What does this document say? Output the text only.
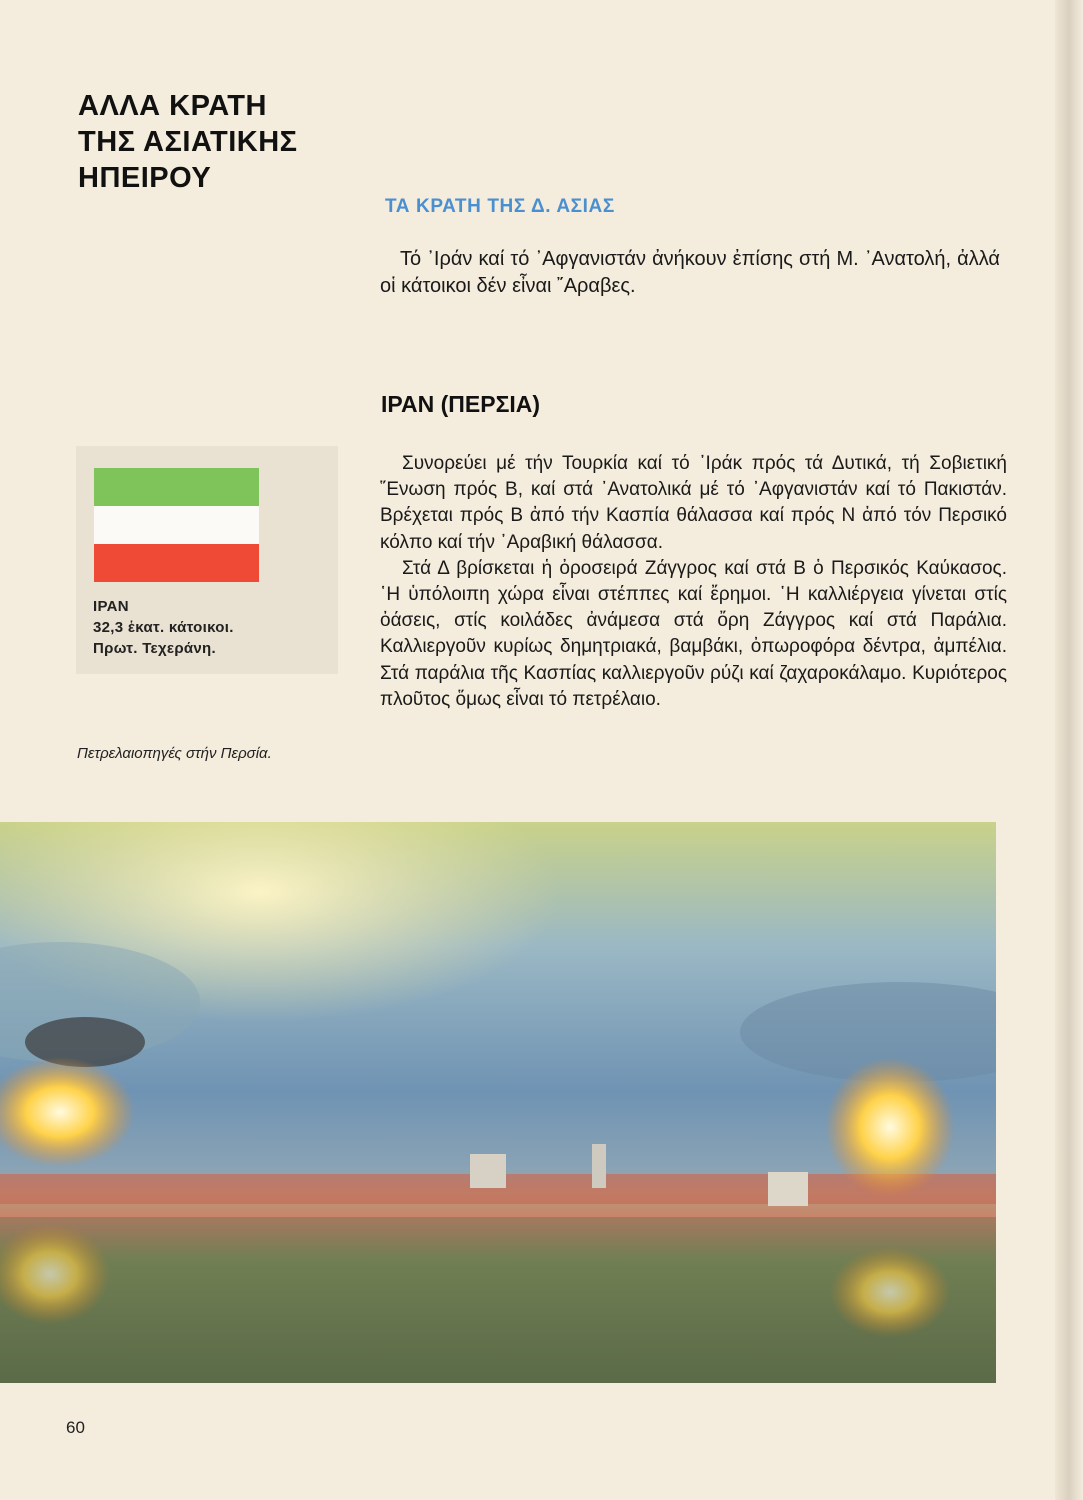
ΑΛΛΑ ΚΡΑΤΗ
ΤΗΣ ΑΣΙΑΤΙΚΗΣ
ΗΠΕΙΡΟΥ
ΤΑ ΚΡΑΤΗ ΤΗΣ Δ. ΑΣΙΑΣ
Τό ᾿Ιράν καί τό ᾿Αφγανιστάν ἀνήκουν ἐπίσης στή Μ. ᾿Ανατολή, ἀλλά οἱ κάτοικοι δέν εἶναι ῎Αραβες.
ΙΡΑΝ (ΠΕΡΣΙΑ)

Συνορεύει μέ τήν Τουρκία καί τό ᾿Ιράκ πρός τά Δυτικά, τή Σοβιετική ῞Ενωση πρός Β, καί στά ᾿Ανατολικά μέ τό ᾿Αφγανιστάν καί τό Πακιστάν. Βρέχεται πρός Β ἀπό τήν Κασπία θάλασσα καί πρός Ν ἀπό τόν Περσικό κόλπο καί τήν ᾿Αραβική θάλασσα.

Στά Δ βρίσκεται ἡ ὀροσειρά Ζάγγρος καί στά Β ὁ Περσικός Καύκασος. ῾Η ὑπόλοιπη χώρα εἶναι στέππες καί ἔρημοι. ῾Η καλλιέργεια γίνεται στίς ὀάσεις, στίς κοιλάδες ἀνάμεσα στά ὄρη Ζάγγρος καί στά Παράλια. Καλλιεργοῦν κυρίως δημητριακά, βαμβάκι, ὀπωροφόρα δέντρα, ἀμπέλια. Στά παράλια τῆς Κασπίας καλλιεργοῦν ρύζι καί ζαχαροκάλαμο. Κυριότερος πλοῦτος ὅμως εἶναι τό πετρέλαιο.

ΙΡΑΝ
32,3 ἑκατ. κάτοικοι.
Πρωτ. Τεχεράνη.
Πετρελαιοπηγές στήν Περσία.
60
